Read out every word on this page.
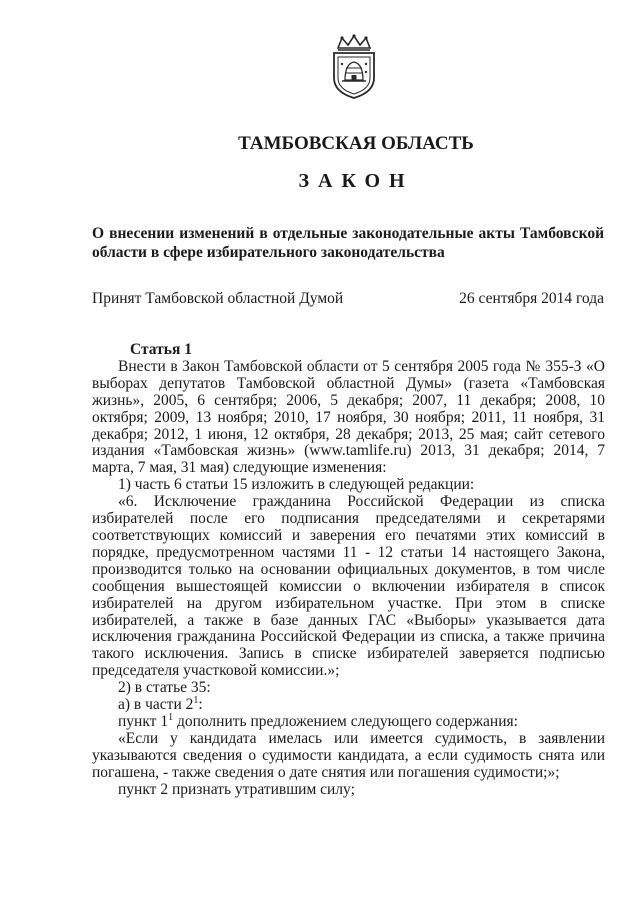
ТАМБОВСКАЯ ОБЛАСТЬ
ЗАКОН
О внесении изменений в отдельные законодательные акты Тамбовской области в сфере избирательного законодательства
Принят Тамбовской областной Думой	26 сентября 2014 года

Статья 1

Внести в Закон Тамбовской области от 5 сентября 2005 года № 355-З «О выборах депутатов Тамбовской областной Думы» (газета «Тамбовская жизнь», 2005, 6 сентября; 2006, 5 декабря; 2007, 11 декабря; 2008, 10 октября; 2009, 13 ноября; 2010, 17 ноября, 30 ноября; 2011, 11 ноября, 31 декабря; 2012, 1 июня, 12 октября, 28 декабря; 2013, 25 мая; сайт сетевого издания «Тамбовская жизнь» (www.tamlife.ru) 2013, 31 декабря; 2014, 7 марта, 7 мая, 31 мая) следующие изменения:

1) часть 6 статьи 15 изложить в следующей редакции:

«6. Исключение гражданина Российской Федерации из списка избирателей после его подписания председателями и секретарями соответствующих комиссий и заверения его печатями этих комиссий в порядке, предусмотренном частями 11 - 12 статьи 14 настоящего Закона, производится только на основании официальных документов, в том числе сообщения вышестоящей комиссии о включении избирателя в список избирателей на другом избирательном участке. При этом в списке избирателей, а также в базе данных ГАС «Выборы» указывается дата исключения гражданина Российской Федерации из списка, а также причина такого исключения. Запись в списке избирателей заверяется подписью председателя участковой комиссии.»;

2) в статье 35:

а) в части $2^1$:

пункт $1^1$ дополнить предложением следующего содержания:

«Если у кандидата имелась или имеется судимость, в заявлении указываются сведения о судимости кандидата, а если судимость снята или погашена, - также сведения о дате снятия или погашения судимости;»;

пункт 2 признать утратившим силу;
